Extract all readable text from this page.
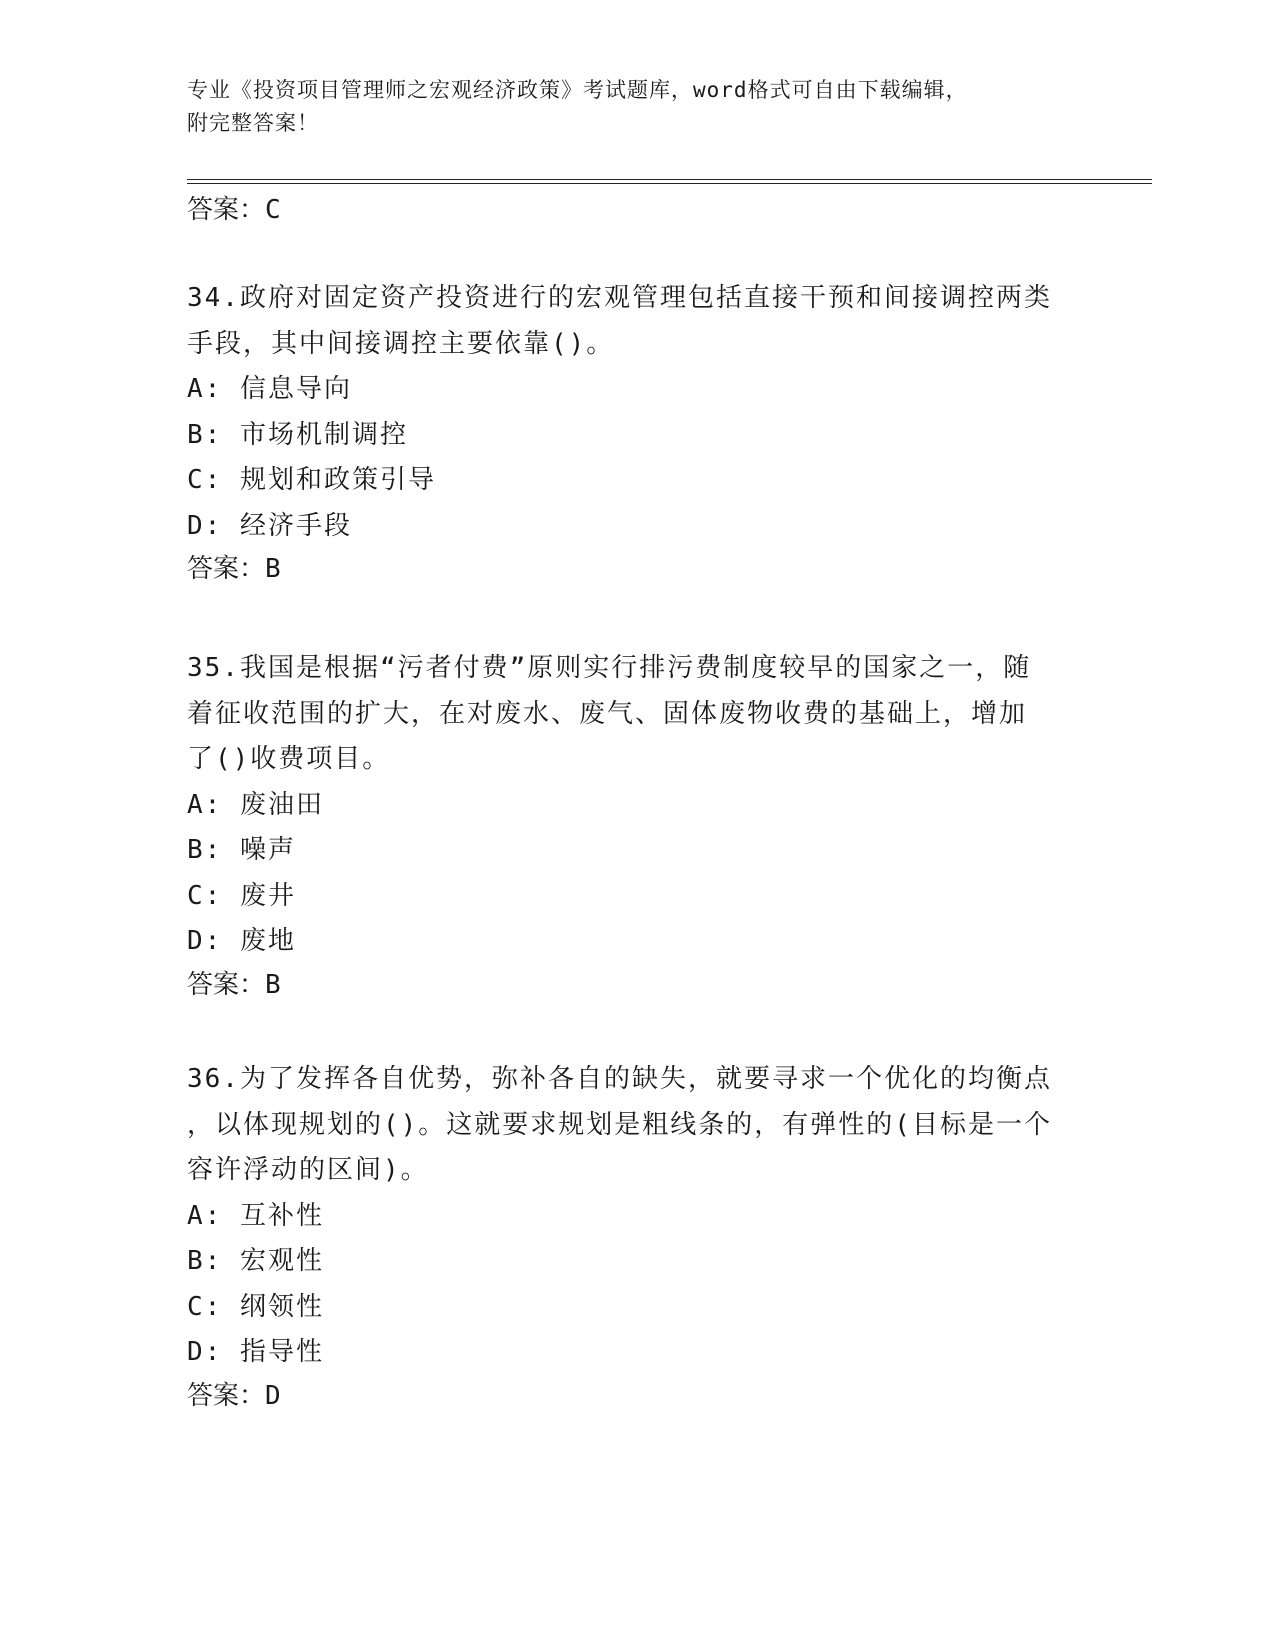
专业《投资项目管理师之宏观经济政策》考试题库，word格式可自由下载编辑，
附完整答案！
答案：C
34.政府对固定资产投资进行的宏观管理包括直接干预和间接调控两类
手段，其中间接调控主要依靠()。
A: 信息导向
B: 市场机制调控
C: 规划和政策引导
D: 经济手段
答案：B
35.我国是根据“污者付费”原则实行排污费制度较早的国家之一，随
着征收范围的扩大，在对废水、废气、固体废物收费的基础上，增加
了()收费项目。
A: 废油田
B: 噪声
C: 废井
D: 废地
答案：B
36.为了发挥各自优势，弥补各自的缺失，就要寻求一个优化的均衡点
，以体现规划的()。这就要求规划是粗线条的，有弹性的(目标是一个
容许浮动的区间)。
A: 互补性
B: 宏观性
C: 纲领性
D: 指导性
答案：D
